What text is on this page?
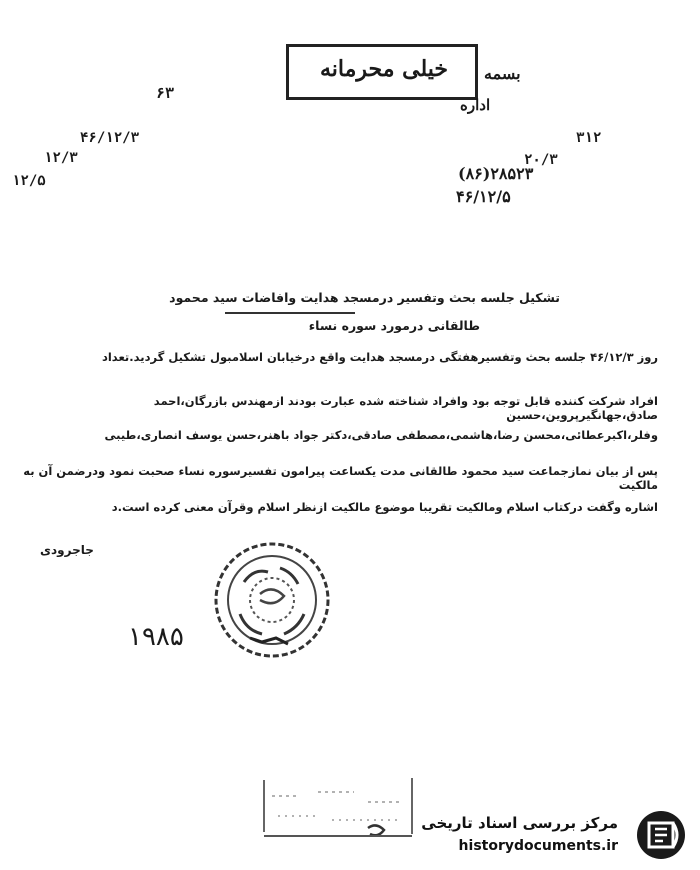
خیلی محرمانه	بسمه
اداره
۶۳
۴۶/۱۲/۳
۱۲/۳
۱۲/۵
۳۱۲
۲۰/۳
(۸۶)۲۸۵۲۳
۴۶/۱۲/۵
تشکیل جلسه بحث وتفسیر درمسجد هدایت وافاضات سید محمود
طالقانی درمورد سوره نساء
روز ۴۶/۱۲/۳ جلسه بحث وتفسیرهفتگی درمسجد هدایت واقع درخیابان اسلامبول تشکیل گردید.تعداد
افراد شرکت کننده قابل توجه بود وافراد شناخته شده عبارت بودند ازمهندس بازرگان،احمد صادق،جهانگیرپروین،حسین
وفلر،اکبرعطائی،محسن رضا،هاشمی،مصطفی صادقی،دکتر جواد باهنر،حسن یوسف انصاری،طیبی
پس از بیان نمازجماعت سید محمود طالقانی مدت یکساعت پیرامون تفسیرسوره نساء صحبت نمود ودرضمن آن به مالکیت
اشاره وگفت درکتاب اسلام ومالکیت تقریبا موضوع مالکیت ازنظر اسلام وقرآن معنی کرده است.د
جاجرودی
۱۹۸۵
مرکز بررسی اسناد تاریخی
historydocuments.ir
